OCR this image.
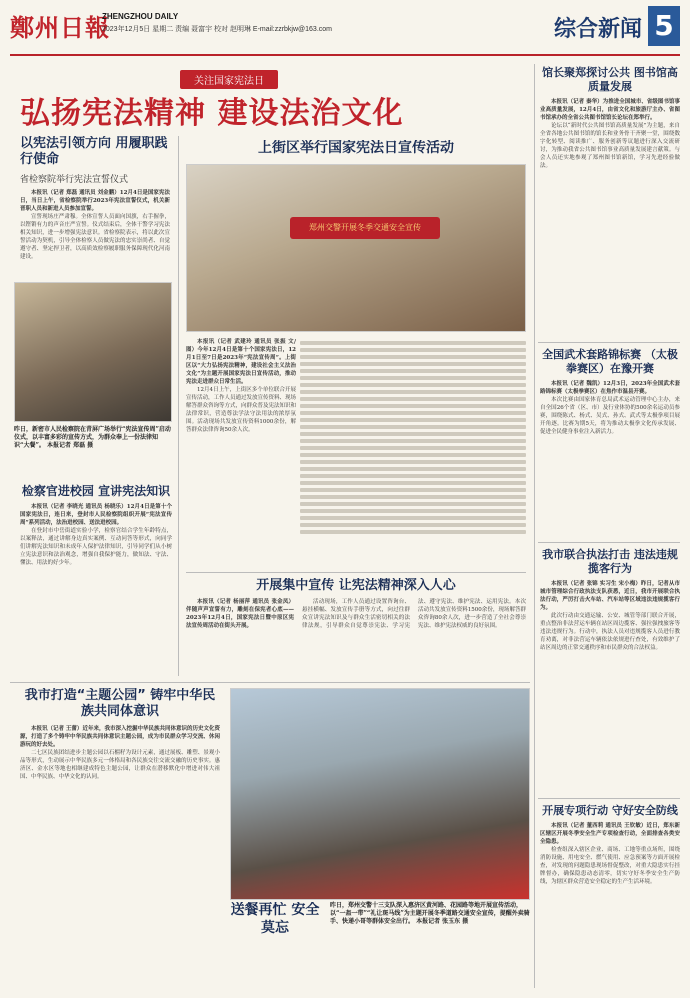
鄭州日報
ZHENGZHOU DAILY
2023年12月5日 星期二 责编 聂富宇 校对 赵明琳 E-mail:zzrbkjw@163.com	综合新闻 5
关注国家宪法日
弘扬宪法精神 建设法治文化
以宪法引领方向 用履职践行使命
省检察院举行宪法宣誓仪式

本报讯（记者 郑磊 通讯员 刘金鹏）12月4日是国家宪法日，当日上午，省检察院举行2023年宪法宣誓仪式，机关新晋职人员和新进人员参加宣誓。

宣誓现场庄严肃穆。全体宣誓人员面向国旗，右手握拳，以铿锵有力的声音庄严宣誓。仪式结束后，全体干警学习宪法相关知识，进一步增强宪法意识。省检察院表示，将以此次宣誓活动为契机，引导全体检察人员做宪法的忠实崇尚者、自觉遵守者、坚定捍卫者，以高质效检察履职服务保障现代化河南建设。

昨日，新密市人民检察院在青屏广场举行“宪法宣传周”启动仪式，以丰富多彩的宣传方式，为群众奉上一份法律知识“大餐”。 本报记者 郑磊 摄
上街区举行国家宪法日宣传活动
郑州交警开展冬季交通安全宣传

本报讯（记者 武建玲 通讯员 张振 文/图）今年12月4日是第十个国家宪法日，12月1日至7日是2023年“宪法宣传周”。上街区以“大力弘扬宪法精神，建设社会主义法治文化”为主题开展国家宪法日宣传活动，推动宪法走进群众日常生活。

12月4日上午，上街区多个单位联合开展宣传活动，工作人员通过发放宣传资料、现场解答群众咨询等方式，向群众普及宪法知识和法律常识，营造尊法学法守法用法的浓厚氛围。活动现场共发放宣传资料1000余份，解答群众法律咨询50余人次。

检察官进校园 宣讲宪法知识

本报讯（记者 李晓光 通讯员 杨晓乐）12月4日是第十个国家宪法日，连日来，登封市人民检察院组织开展“宪法宣传周”系列活动，法治进校园、送法进校园。

在登封市中岳街道实验小学，检察官结合学生年龄特点，以案释法，通过讲解身边真实案例、互动问答等形式，向同学们讲解宪法知识和未成年人保护法律知识，引导同学们从小树立宪法意识和法治观念，增强自我保护能力，做知法、守法、懂法、用法的好少年。

开展集中宣传 让宪法精神深入人心

本报讯（记者 杨丽萍 通讯员 张金凤）伴随声声宣誓有力，雕刻在保宪者心底——2023年12月4日，国家宪法日暨中原区宪法宣传周活动在街头开展。

活动现场，工作人员通过设置咨询台、悬挂横幅、发放宣传手册等方式，向过往群众宣讲宪法知识及与群众生活密切相关的法律法规，引导群众自觉尊崇宪法、学习宪法、遵守宪法、维护宪法、运用宪法。本次活动共发放宣传资料1500余份，现场解答群众咨询80余人次，进一步营造了全社会尊崇宪法、维护宪法权威的良好氛围。

我市打造“主题公园” 铸牢中华民族共同体意识

本报讯（记者 王蕾）近年来，我市深入挖掘中华民族共同体意识的历史文化资源，打造了多个铸牢中华民族共同体意识主题公园，成为市民群众学习交流、休闲游玩的好去处。

二七区民族团结进步主题公园以石榴籽为设计元素，通过展板、雕塑、景观小品等形式，生动展示中华民族多元一体格局和各民族交往交流交融的历史事实。惠济区、金水区等地也相继建成特色主题公园，让群众在潜移默化中增进对伟大祖国、中华民族、中华文化的认同。

昨日，郑州交警十三支队深入惠济区黄河路、花园路等地开展宣传活动，以“一盔一带”“礼让斑马线”为主题开展冬季道路交通安全宣传，提醒外卖骑手、快递小哥等群体安全出行。 本报记者 张玉东 摄
送餐再忙 安全莫忘
馆长聚郑探讨公共 图书馆高质量发展

本报讯（记者 秦华）为推进全国城市、省级图书馆事业高质量发展，12月4日，由省文化和旅游厅主办、省图书馆承办的全省公共图书馆馆长论坛在郑举行。

论坛以“新时代公共图书馆高质量发展”为主题，来自全省各地公共图书馆的馆长和业务骨干齐聚一堂，围绕数字化转型、阅读推广、服务创新等议题进行深入交流研讨，为推动我省公共图书馆事业高质量发展建言献策。与会人员还实地参观了郑州图书馆新馆，学习先进经验做法。

全国武术套路锦标赛 （太极拳赛区）在豫开赛

本报讯（记者 魏凯）12月3日，2023年全国武术套路锦标赛（太极拳赛区）在焦作市温县开赛。

本次比赛由国家体育总局武术运动管理中心主办，来自全国26个省（区、市）及行业体协的500余名运动员参赛，围绕陈式、杨式、吴式、孙式、武式等太极拳项目展开角逐。比赛为期5天，将为推动太极拳文化传承发展、促进全民健身事业注入新活力。

我市联合执法打击 违法违规揽客行为

本报讯（记者 张锦 实习生 宋小梅）昨日，记者从市城市管理综合行政执法支队获悉，近日，我市开展联合执法行动，严厉打击火车站、汽车站等区域违法违规揽客行为。

此次行动由交通运输、公安、城管等部门联合开展，重点整治非法营运车辆在站区周边揽客、强拉强拽旅客等违法违规行为。行动中，执法人员对违规揽客人员进行教育劝离，对非法营运车辆依法依规进行查处，有效维护了站区周边的正常交通秩序和市民群众的合法权益。

开展专项行动 守好安全防线

本报讯（记者 董西莉 通讯员 王钦敏）近日，郑东新区辖区开展冬季安全生产专项检查行动，全面排查各类安全隐患。

检查组深入辖区企业、商场、工地等重点场所，围绕消防设施、用电安全、燃气使用、应急预案等方面开展检查，对发现的问题隐患现场督促整改，对重大隐患实行挂牌督办，确保隐患动态清零，切实守好冬季安全生产防线，为辖区群众营造安全稳定的生产生活环境。
